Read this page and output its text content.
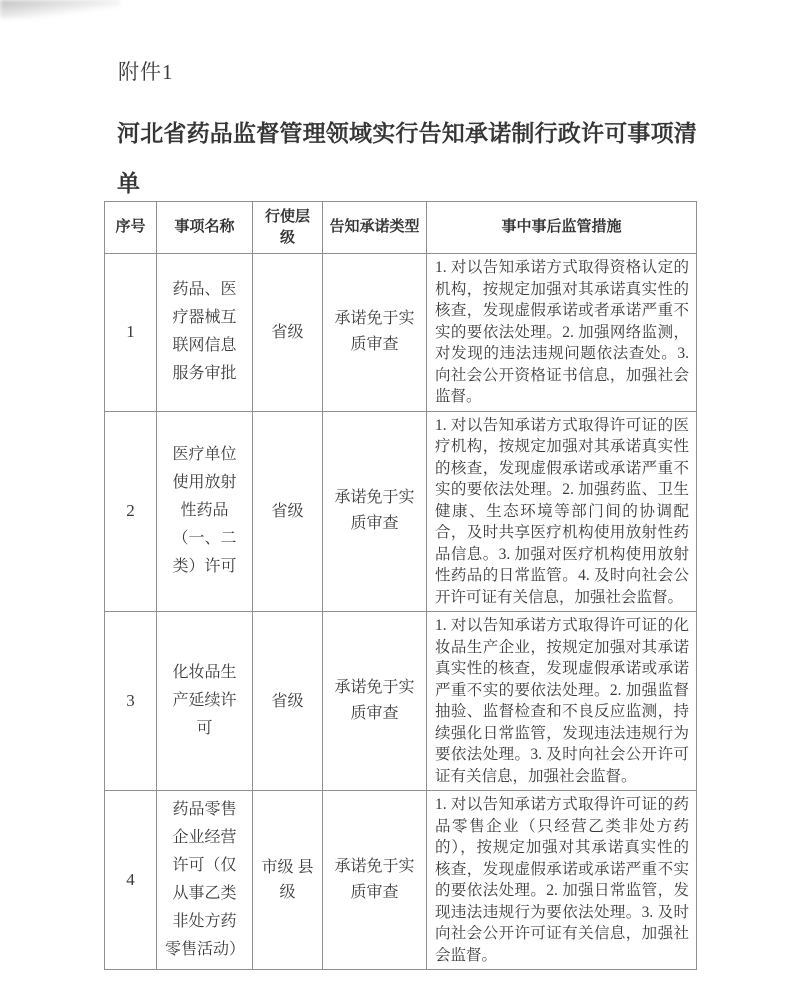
附件1
河北省药品监督管理领域实行告知承诺制行政许可事项清单
序号	事项名称	行使层级	告知承诺类型	事中事后监管措施
1	药品、医疗器械互联网信息服务审批	省级	承诺免于实质审查	1. 对以告知承诺方式取得资格认定的机构，按规定加强对其承诺真实性的核查，发现虚假承诺或者承诺严重不实的要依法处理。2. 加强网络监测，对发现的违法违规问题依法查处。3. 向社会公开资格证书信息，加强社会监督。
2	医疗单位使用放射性药品（一、二类）许可	省级	承诺免于实质审查	1. 对以告知承诺方式取得许可证的医疗机构，按规定加强对其承诺真实性的核查，发现虚假承诺或承诺严重不实的要依法处理。2. 加强药监、卫生健康、生态环境等部门间的协调配合，及时共享医疗机构使用放射性药品信息。3. 加强对医疗机构使用放射性药品的日常监管。4. 及时向社会公开许可证有关信息，加强社会监督。
3	化妆品生产延续许可	省级	承诺免于实质审查	1. 对以告知承诺方式取得许可证的化妆品生产企业，按规定加强对其承诺真实性的核查，发现虚假承诺或承诺严重不实的要依法处理。2. 加强监督抽验、监督检查和不良反应监测，持续强化日常监管，发现违法违规行为要依法处理。3. 及时向社会公开许可证有关信息，加强社会监督。
4	药品零售企业经营许可（仅从事乙类非处方药零售活动）	市级 县级	承诺免于实质审查	1. 对以告知承诺方式取得许可证的药品零售企业（只经营乙类非处方药的），按规定加强对其承诺真实性的核查，发现虚假承诺或承诺严重不实的要依法处理。2. 加强日常监管，发现违法违规行为要依法处理。3. 及时向社会公开许可证有关信息，加强社会监督。
